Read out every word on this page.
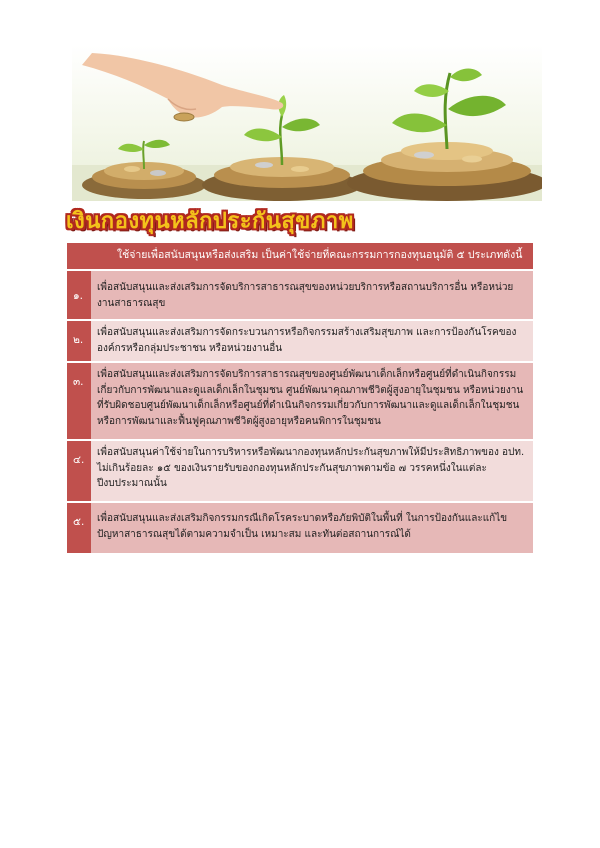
เงินกองทุนหลักประกันสุขภาพ
ใช้จ่ายเพื่อสนับสนุนหรือส่งเสริม เป็นค่าใช้จ่ายที่คณะกรรมการกองทุนอนุมัติ ๕ ประเภทดังนี้
๑.
เพื่อสนับสนุนและส่งเสริมการจัดบริการสาธารณสุขของหน่วยบริการหรือสถานบริการอื่น หรือหน่วยงานสาธารณสุข
๒.
เพื่อสนับสนุนและส่งเสริมการจัดกระบวนการหรือกิจกรรมสร้างเสริมสุขภาพ และการป้องกันโรคขององค์กรหรือกลุ่มประชาชน หรือหน่วยงานอื่น
๓.
เพื่อสนับสนุนและส่งเสริมการจัดบริการสาธารณสุขของศูนย์พัฒนาเด็กเล็กหรือศูนย์ที่ดำเนินกิจกรรมเกี่ยวกับการพัฒนาและดูแลเด็กเล็กในชุมชน ศูนย์พัฒนาคุณภาพชีวิตผู้สูงอายุในชุมชน หรือหน่วยงานที่รับผิดชอบศูนย์พัฒนาเด็กเล็กหรือศูนย์ที่ดำเนินกิจกรรมเกี่ยวกับการพัฒนาและดูแลเด็กเล็กในชุมชน หรือการพัฒนาและฟื้นฟูคุณภาพชีวิตผู้สูงอายุหรือคนพิการในชุมชน
๔.
เพื่อสนับสนุนค่าใช้จ่ายในการบริหารหรือพัฒนากองทุนหลักประกันสุขภาพให้มีประสิทธิภาพของ อปท. ไม่เกินร้อยละ ๑๕ ของเงินรายรับของกองทุนหลักประกันสุขภาพตามข้อ ๗ วรรคหนึ่งในแต่ละปีงบประมาณนั้น
๕.	เพื่อสนับสนุนและส่งเสริมกิจกรรมกรณีเกิดโรคระบาดหรือภัยพิบัติในพื้นที่ ในการป้องกันและแก้ไขปัญหาสาธารณสุขได้ตามความจำเป็น เหมาะสม และทันต่อสถานการณ์ได้
